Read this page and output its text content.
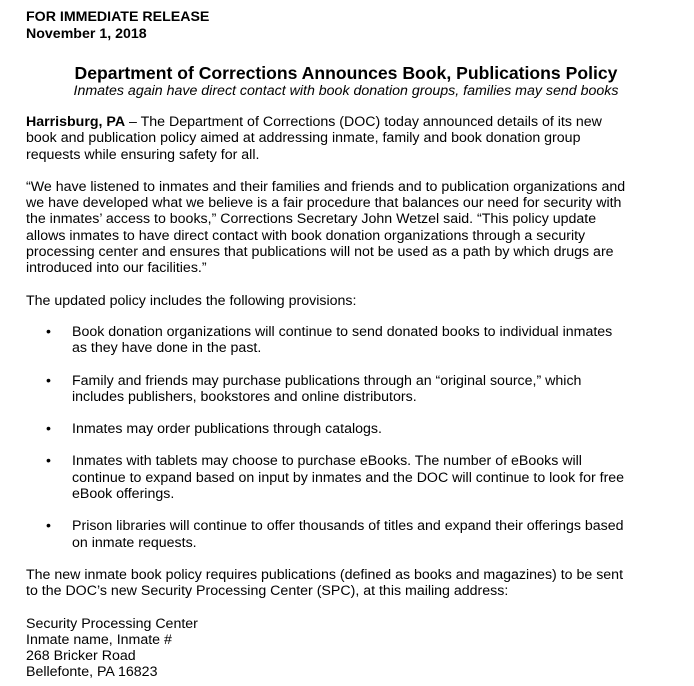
FOR IMMEDIATE RELEASE
November 1, 2018
Department of Corrections Announces Book, Publications Policy
Inmates again have direct contact with book donation groups, families may send books

Harrisburg, PA – The Department of Corrections (DOC) today announced details of its new
book and publication policy aimed at addressing inmate, family and book donation group
requests while ensuring safety for all.

“We have listened to inmates and their families and friends and to publication organizations and
we have developed what we believe is a fair procedure that balances our need for security with
the inmates’ access to books,” Corrections Secretary John Wetzel said. “This policy update
allows inmates to have direct contact with book donation organizations through a security
processing center and ensures that publications will not be used as a path by which drugs are
introduced into our facilities.”

The updated policy includes the following provisions:

• Book donation organizations will continue to send donated books to individual inmates
as they have done in the past.
• Family and friends may purchase publications through an “original source,” which
includes publishers, bookstores and online distributors.
• Inmates may order publications through catalogs.
• Inmates with tablets may choose to purchase eBooks. The number of eBooks will
continue to expand based on input by inmates and the DOC will continue to look for free
eBook offerings.
• Prison libraries will continue to offer thousands of titles and expand their offerings based
on inmate requests.

The new inmate book policy requires publications (defined as books and magazines) to be sent
to the DOC’s new Security Processing Center (SPC), at this mailing address:

Security Processing Center
Inmate name, Inmate #
268 Bricker Road
Bellefonte, PA 16823
